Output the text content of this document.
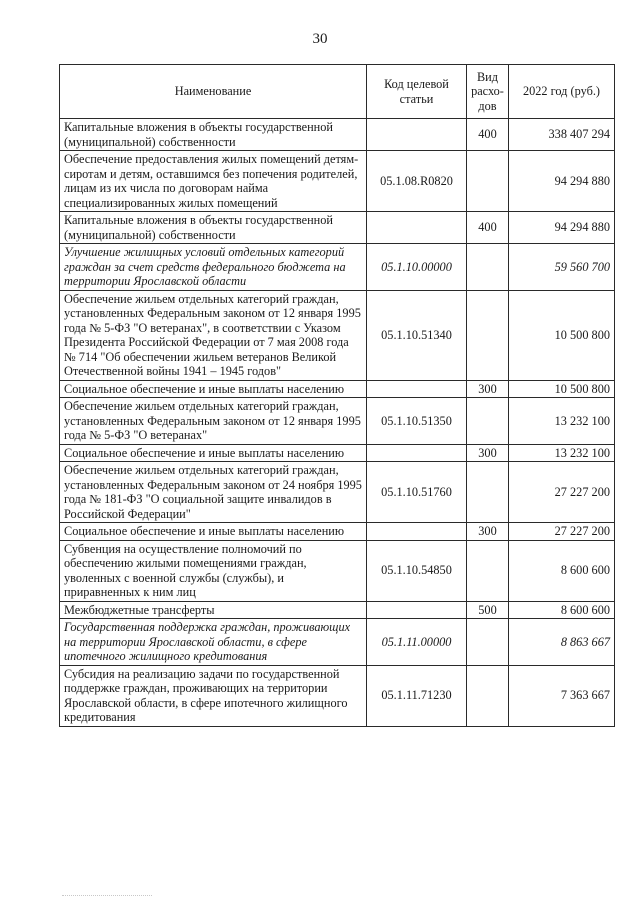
30
Наименование	Код целевой статьи	Вид расхо-дов	2022 год (руб.)
Капитальные вложения в объекты государственной (муниципальной) собственности		400	338 407 294
Обеспечение предоставления жилых помещений детям-сиротам и детям, оставшимся без попечения родителей, лицам из их числа по договорам найма специализированных жилых помещений	05.1.08.R0820		94 294 880
Капитальные вложения в объекты государственной (муниципальной) собственности		400	94 294 880
Улучшение жилищных условий отдельных категорий граждан за счет средств федерального бюджета на территории Ярославской области	05.1.10.00000		59 560 700
Обеспечение жильем отдельных категорий граждан, установленных Федеральным законом от 12 января 1995 года № 5-ФЗ "О ветеранах", в соответствии с Указом Президента Российской Федерации от 7 мая 2008 года № 714 "Об обеспечении жильем ветеранов Великой Отечественной войны 1941 – 1945 годов"	05.1.10.51340		10 500 800
Социальное обеспечение и иные выплаты населению		300	10 500 800
Обеспечение жильем отдельных категорий граждан, установленных Федеральным законом от 12 января 1995 года № 5-ФЗ "О ветеранах"	05.1.10.51350		13 232 100
Социальное обеспечение и иные выплаты населению		300	13 232 100
Обеспечение жильем отдельных категорий граждан, установленных Федеральным законом от 24 ноября 1995 года № 181-ФЗ "О социальной защите инвалидов в Российской Федерации"	05.1.10.51760		27 227 200
Социальное обеспечение и иные выплаты населению		300	27 227 200
Субвенция на осуществление полномочий по обеспечению жилыми помещениями граждан, уволенных с военной службы (службы), и приравненных к ним лиц	05.1.10.54850		8 600 600
Межбюджетные трансферты		500	8 600 600
Государственная поддержка граждан, проживающих на территории Ярославской области, в сфере ипотечного жилищного кредитования	05.1.11.00000		8 863 667
Субсидия на реализацию задачи по государственной поддержке граждан, проживающих на территории Ярославской области, в сфере ипотечного жилищного кредитования	05.1.11.71230		7 363 667
